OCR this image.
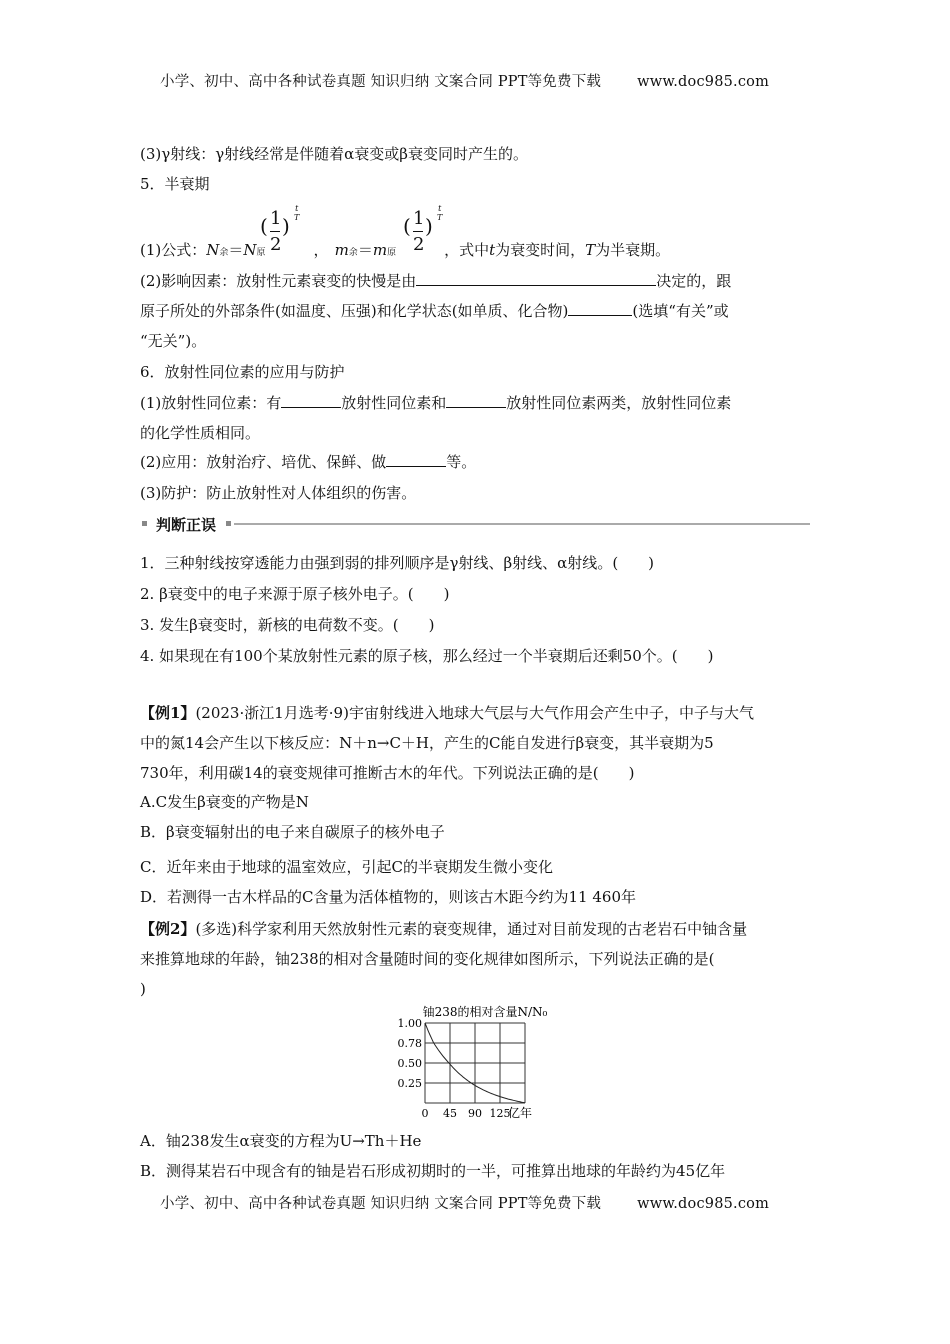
小学、初中、高中各种试卷真题 知识归纳 文案合同 PPT等免费下载 www.doc985.com
(3)γ射线：γ射线经常是伴随着α衰变或β衰变同时产生的。
5．半衰期
(1)公式：N余＝N原	， m余＝m原	，式中t为衰变时间，T为半衰期。
( 1
2
)
t
T	( 1
2
)
t
T
(2)影响因素：放射性元素衰变的快慢是由	决定的，跟
原子所处的外部条件(如温度、压强)和化学状态(如单质、化合物)	(选填“有关”或
“无关”)。
6．放射性同位素的应用与防护
(1)放射性同位素：有	放射性同位素和	放射性同位素两类，放射性同位素
的化学性质相同。
(2)应用：放射治疗、培优、保鲜、做	等。
(3)防护：防止放射性对人体组织的伤害。
判断正误
1．三种射线按穿透能力由强到弱的排列顺序是γ射线、β射线、α射线。(　　)
2. β衰变中的电子来源于原子核外电子。(　　)
3. 发生β衰变时，新核的电荷数不变。(　　)
4. 如果现在有100个某放射性元素的原子核，那么经过一个半衰期后还剩50个。(　　)
【例1】(2023·浙江1月选考·9)宇宙射线进入地球大气层与大气作用会产生中子，中子与大气
中的氮14会产生以下核反应：N＋n→C＋H，产生的C能自发进行β衰变，其半衰期为5
730年，利用碳14的衰变规律可推断古木的年代。下列说法正确的是(　　)
A.C发生β衰变的产物是N
B．β衰变辐射出的电子来自碳原子的核外电子
C．近年来由于地球的温室效应，引起C的半衰期发生微小变化
D．若测得一古木样品的C含量为活体植物的，则该古木距今约为11 460年
【例2】(多选)科学家利用天然放射性元素的衰变规律，通过对目前发现的古老岩石中铀含量
来推算地球的年龄，铀238的相对含量随时间的变化规律如图所示，下列说法正确的是(
)
铀238的相对含量N/N₀
1.00
0.78
0.50
0.25
0 45 90 125
亿年
A．铀238发生α衰变的方程为U→Th＋He
B．测得某岩石中现含有的铀是岩石形成初期时的一半，可推算出地球的年龄约为45亿年
小学、初中、高中各种试卷真题 知识归纳 文案合同 PPT等免费下载 www.doc985.com
